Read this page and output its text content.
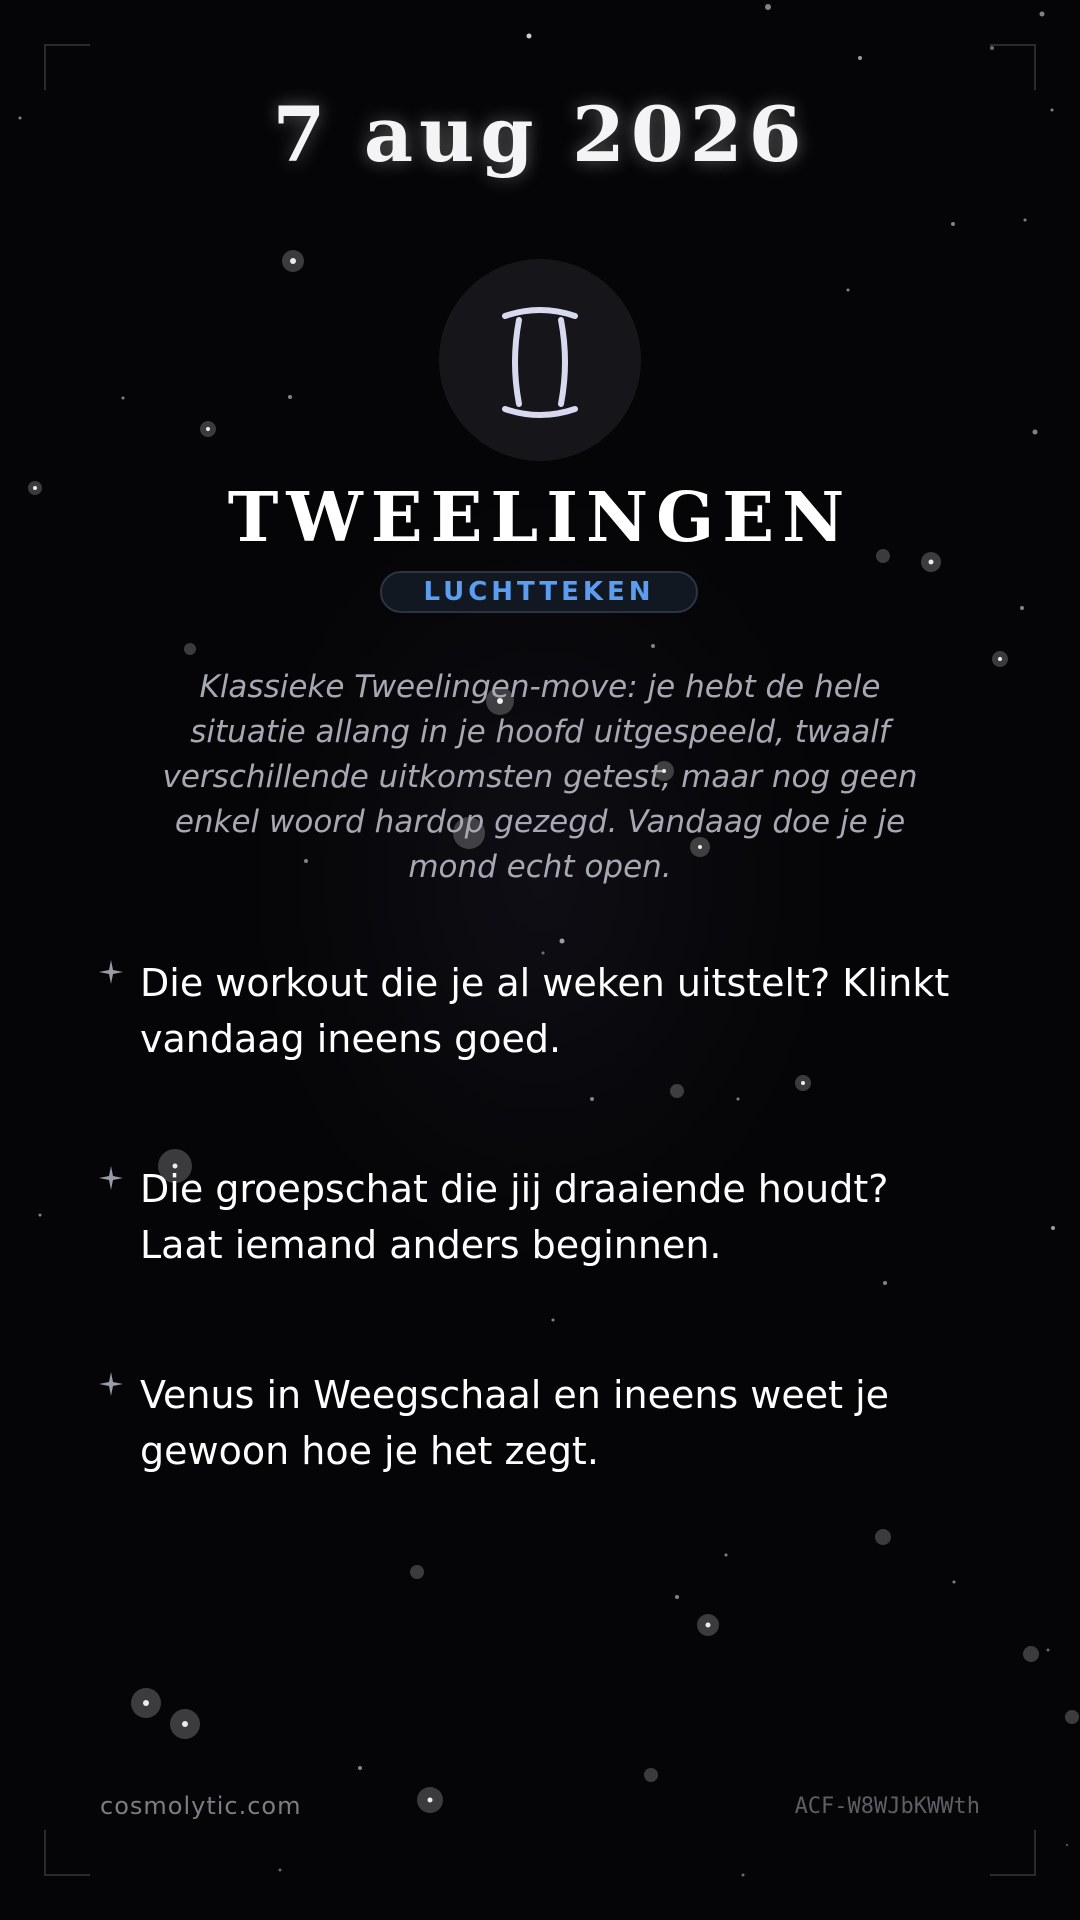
7 aug 2026
TWEELINGEN
LUCHTTEKEN
Klassieke Tweelingen-move: je hebt de hele situatie allang in je hoofd uitgespeeld, twaalf verschillende uitkomsten getest, maar nog geen enkel woord hardop gezegd. Vandaag doe je je mond echt open.
Die workout die je al weken uitstelt? Klinkt vandaag ineens goed.
Die groepschat die jij draaiende houdt? Laat iemand anders beginnen.
Venus in Weegschaal en ineens weet je gewoon hoe je het zegt.
cosmolytic.com	ACF-W8WJbKWWth
